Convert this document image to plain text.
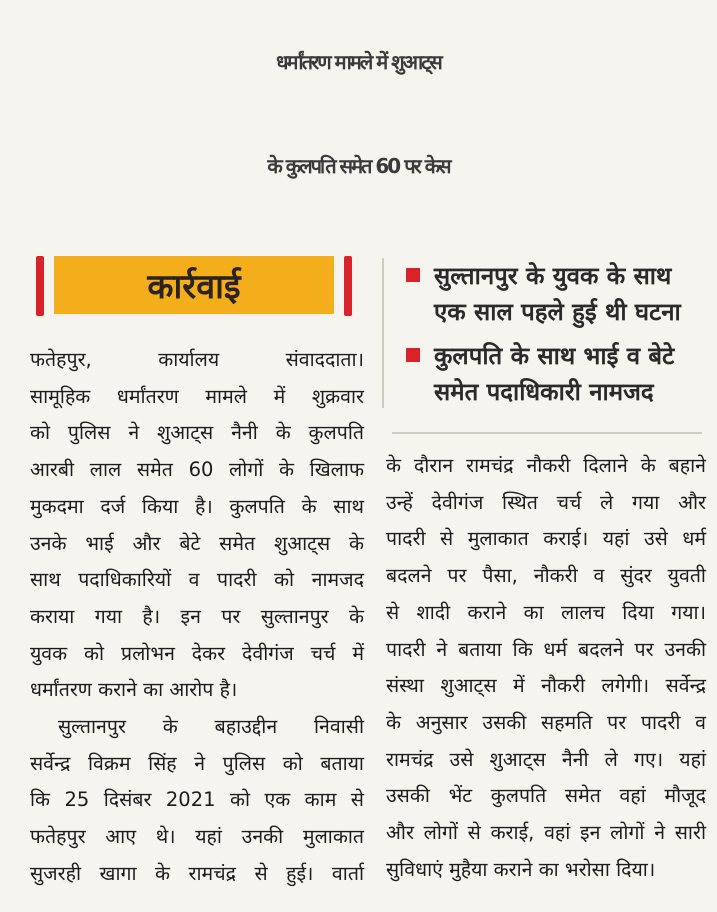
धर्मांतरण मामले में शुआट्स
के कुलपति समेत 60 पर केस
कार्रवाई	सुल्तानपुर के युवक के साथ
एक साल पहले हुई थी घटना
कुलपति के साथ भाई व बेटे
समेत पदाधिकारी नामजद
फतेहपुर, कार्यालय संवाददाता।
सामूहिक धर्मांतरण मामले में शुक्रवार
को पुलिस ने शुआट्स नैनी के कुलपति
आरबी लाल समेत 60 लोगों के खिलाफ
मुकदमा दर्ज किया है। कुलपति के साथ
उनके भाई और बेटे समेत शुआट्स के
साथ पदाधिकारियों व पादरी को नामजद
कराया गया है। इन पर सुल्तानपुर के
युवक को प्रलोभन देकर देवीगंज चर्च में
धर्मांतरण कराने का आरोप है।
सुल्तानपुर के बहाउद्दीन निवासी
सर्वेन्द्र विक्रम सिंह ने पुलिस को बताया
कि 25 दिसंबर 2021 को एक काम से
फतेहपुर आए थे। यहां उनकी मुलाकात
सुजरही खागा के रामचंद्र से हुई। वार्ता
के दौरान रामचंद्र नौकरी दिलाने के बहाने
उन्हें देवीगंज स्थित चर्च ले गया और
पादरी से मुलाकात कराई। यहां उसे धर्म
बदलने पर पैसा, नौकरी व सुंदर युवती
से शादी कराने का लालच दिया गया।
पादरी ने बताया कि धर्म बदलने पर उनकी
संस्था शुआट्स में नौकरी लगेगी। सर्वेन्द्र
के अनुसार उसकी सहमति पर पादरी व
रामचंद्र उसे शुआट्स नैनी ले गए। यहां
उसकी भेंट कुलपति समेत वहां मौजूद
और लोगों से कराई, वहां इन लोगों ने सारी
सुविधाएं मुहैया कराने का भरोसा दिया।
